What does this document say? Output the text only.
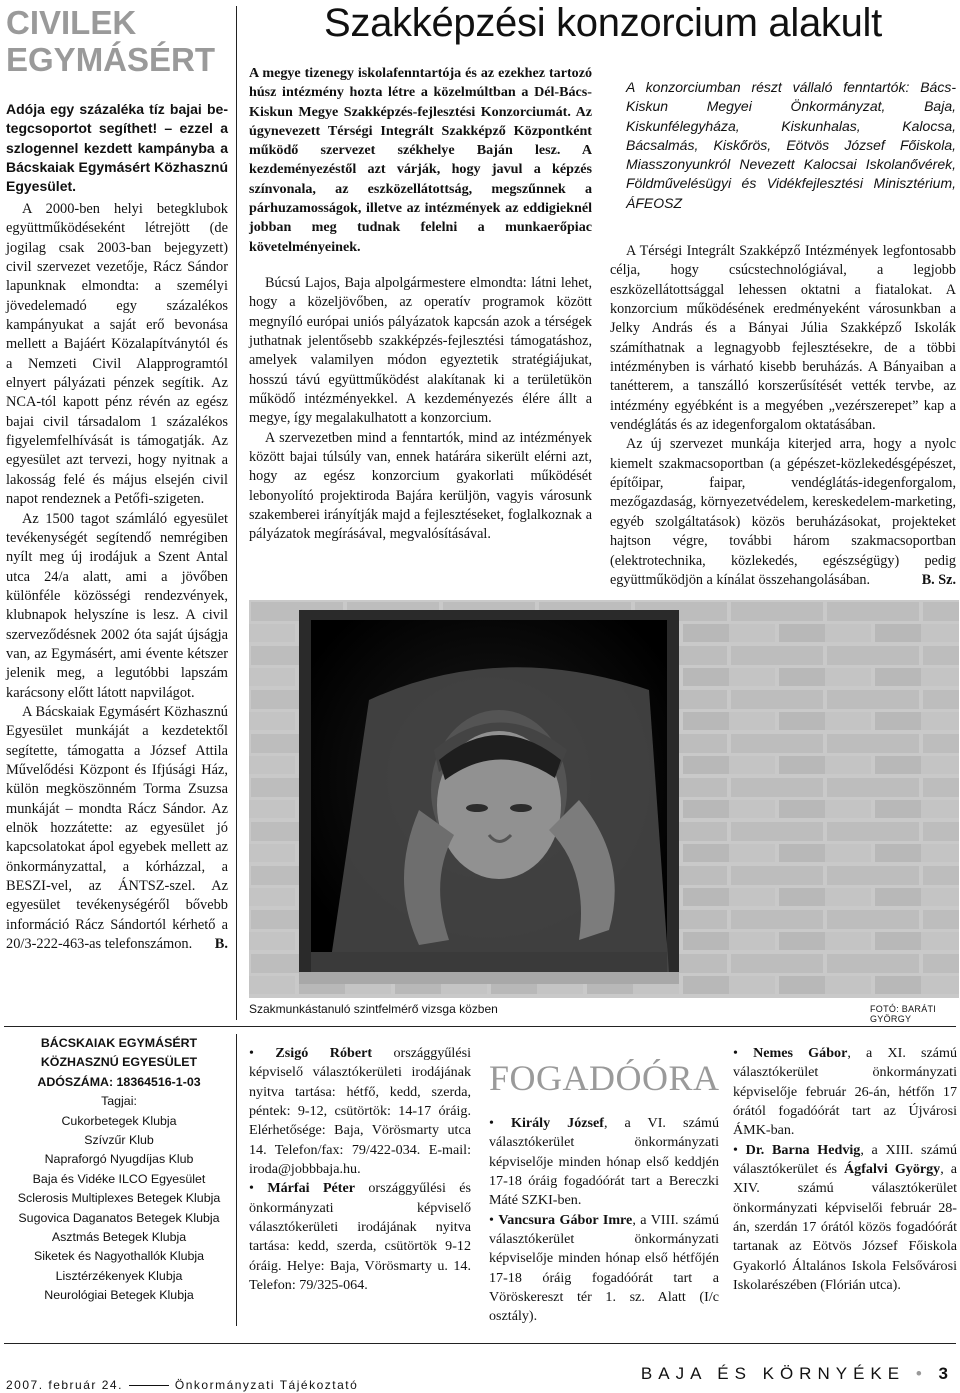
CIVILEK
EGYMÁSÉRT

Adója egy százaléka tíz bajai be-tegcsoportot segíthet! – ezzel a szlogennel kezdett kampányba a Bácskaiak Egymásért Közhasznú Egyesület.

A 2000-ben helyi betegklubok együttműködéseként létrejött (de jogilag csak 2003-ban bejegyzett) civil szervezet vezetője, Rácz Sándor lapunknak elmondta: a személyi jövedelemadó egy százalékos kampányukat a saját erő bevonása mellett a Bajáért Közalapítványtól és a Nemzeti Civil Alapprogramtól elnyert pályázati pénzek segítik. Az NCA-tól kapott pénz révén az egész bajai civil társadalom 1 százalékos figyelemfelhívását is támogatják. Az egyesület azt tervezi, hogy nyitnak a lakosság felé és május elsején civil napot rendeznek a Petőfi-szigeten.

Az 1500 tagot számláló egyesület tevékenységét segítendő nemrégiben nyílt meg új irodájuk a Szent Antal utca 24/a alatt, ami a jövőben különféle közösségi rendezvények, klubnapok helyszíne is lesz. A civil szerveződésnek 2002 óta saját újságja van, az Egymásért, ami évente kétszer jelenik meg, a legutóbbi lapszám karácsony előtt látott napvilágot.

A Bácskaiak Egymásért Közhasznú Egyesület munkáját a kezdetektől segítette, támogatta a József Attila Művelődési Központ és Ifjúsági Ház, külön megköszönném Torma Zsuzsa munkáját – mondta Rácz Sándor. Az elnök hozzátette: az egyesület jó kapcsolatokat ápol egyebek mellett az önkormányzattal, a kórházzal, a BESZI-vel, az ÁNTSZ-szel. Az egyesület tevékenységéről bővebb információ Rácz Sándortól kérhető a 20/3-222-463-as telefonszámon.	B.

Szakképzési konzorcium alakult

A megye tizenegy iskolafenntartója és az ezekhez tartozó húsz intézmény hozta létre a közelmúltban a Dél-Bács-Kiskun Megye Szakképzés-fejlesztési Konzorciumát. Az úgynevezett Térségi Integrált Szakképző Központként működő szervezet székhelye Baján lesz. A kezdeményezéstől azt várják, hogy javul a képzés színvonala, az eszközellátottság, megszűnnek a párhuzamosságok, illetve az intézmények az eddigieknél jobban meg tudnak felelni a munkaerőpiac követelményeinek.

Búcsú Lajos, Baja alpolgármestere elmondta: látni lehet, hogy a közeljövőben, az operatív programok között megnyíló európai uniós pályázatok kapcsán azok a térségek juthatnak jelentősebb szakképzés-fejlesztési támogatáshoz, amelyek valamilyen módon egyeztetik stratégiájukat, hosszú távú együttműködést alakítanak ki a területükön működő intézményekkel. A kezdeményezés élére állt a megye, így megalakulhatott a konzorcium.

A szervezetben mind a fenntartók, mind az intézmények között bajai túlsúly van, ennek határára sikerült elérni azt, hogy az egész konzorcium gyakorlati működését lebonyolító projektiroda Bajára kerüljön, vagyis városunk szakemberei irányítják majd a fejlesztéseket, foglalkoznak a pályázatok megírásával, megvalósításával.

A konzorciumban részt vállaló fenntartók: Bács-Kiskun Megyei Önkormányzat, Baja, Kiskunfélegyháza, Kiskunhalas, Kalocsa, Bácsalmás, Kiskőrös, Eötvös József Főiskola, Miasszonyunkról Nevezett Kalocsai Iskolanővérek, Földművelésügyi és Vidékfejlesztési Minisztérium, ÁFEOSZ

A Térségi Integrált Szakképző Intézmények legfontosabb célja, hogy csúcstechnológiával, a legjobb eszközellátottsággal lehessen oktatni a fiatalokat. A konzorcium működésének eredményeként városunkban a Jelky András és a Bányai Júlia Szakképző Iskolák számíthatnak a legnagyobb fejlesztésekre, de a többi intézményben is várható kisebb beruházás. A Bányaiban a tanétterem, a tanszálló korszerűsítését vették tervbe, az intézmény egyébként is a megyében „vezérszerepet” kap a vendéglátás és az idegenforgalom oktatásában.

Az új szervezet munkája kiterjed arra, hogy a nyolc kiemelt szakmacsoportban (a gépészet-közlekedésgépészet, építőipar, faipar, vendéglátás-idegenforgalom, mezőgazdaság, környezetvédelem, kereskedelem-marketing, egyéb szolgáltatások) közös beruházásokat, projekteket hajtson végre, további három szakmacsoportban (elektrotechnika, közlekedés, egészségügy) pedig együttműködjön a kínálat összehangolásában.	B. Sz.

Szakmunkástanuló szintfelmérő vizsga közben	FOTÓ: BARÁTI GYÖRGY
BÁCSKAIAK EGYMÁSÉRT
KÖZHASZNÚ EGYESÜLET
ADÓSZÁMA: 18364516-1-03
Tagjai:
Cukorbetegek Klubja
Szívzűr Klub
Napraforgó Nyugdíjas Klub
Baja és Vidéke ILCO Egyesület
Sclerosis Multiplexes Betegek Klubja
Sugovica Daganatos Betegek Klubja
Asztmás Betegek Klubja
Siketek és Nagyothallók Klubja
Lisztérzékenyek Klubja
Neurológiai Betegek Klubja

• Zsigó Róbert országgyűlési képviselő választókerületi irodájának nyitva tartása: hétfő, kedd, szerda, péntek: 9-12, csütörtök: 14-17 óráig. Elérhetősége: Baja, Vörösmarty utca 14. Telefon/fax: 79/422-034. E-mail: iroda@jobbbaja.hu.

• Márfai Péter országgyűlési és önkormányzati képviselő választókerületi irodájának nyitva tartása: kedd, szerda, csütörtök 9-12 óráig. Helye: Baja, Vörösmarty u. 14. Telefon: 79/325-064.

FOGADÓÓRA

• Király József, a VI. számú választókerület önkormányzati képviselője minden hónap első keddjén 17-18 óráig fogadóórát tart a Bereczki Máté SZKI-ben.

• Vancsura Gábor Imre, a VIII. számú választókerület önkormányzati képviselője minden hónap első hétfőjén 17-18 óráig fogadóórát tart a Vöröskereszt tér 1. sz. Alatt (I/c osztály).

• Nemes Gábor, a XI. számú választókerület önkormányzati képviselője február 26-án, hétfőn 17 órától fogadóórát tart az Újvárosi ÁMK-ban.

• Dr. Barna Hedvig, a XIII. számú választókerület és Ágfalvi György, a XIV. számú választókerület önkormányzati képviselői február 28-án, szerdán 17 órától közös fogadóórát tartanak az Eötvös József Főiskola Gyakorló Általános Iskola Felsővárosi Iskolarészében (Flórián utca).

2007. február 24.	Önkormányzati Tájékoztató
BAJA ÉS KÖRNYÉKE • 3
